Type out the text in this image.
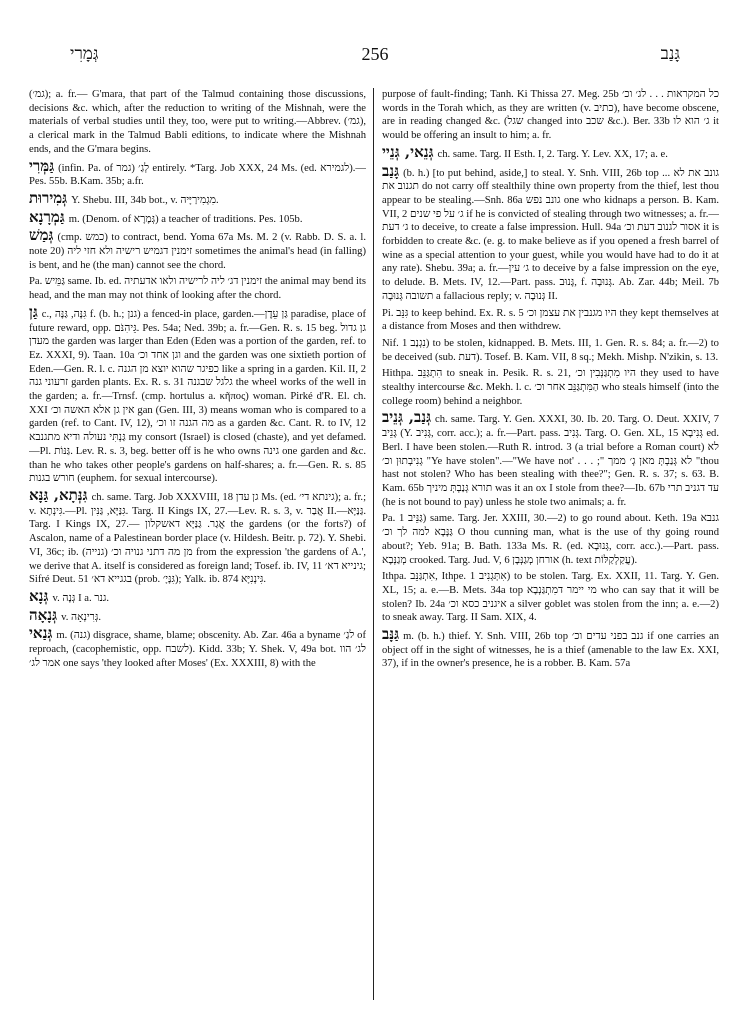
גְּמָרִי	256	גָּנַב

(גמ׳); a. fr.— G'mara, that part of the Talmud containing those discussions, decisions &c. which, after the reduction to writing of the Mishnah, were the materials of verbal studies until they, too, were put to writing.—Abbrev. (גמ׳), a clerical mark in the Talmud Babli editions, to indicate where the Mishnah ends, and the G'mara begins.

גַּמְּרִי (infin. Pa. of גמר) לְגַ׳ entirely. *Targ. Job XXX, 24 Ms. (ed. לגמירא).—Pes. 55b. B.Kam. 35b; a.fr.

גְּמִירוּת Y. Shebu. III, 34b bot., v. מִגְמִירַיָּיה.

גַּמְרָנָא m. (Denom. of גְּמָרָא) a teacher of traditions. Pes. 105b.

גְּמַשׁ (cmp. כמש) to contract, bend. Yoma 67a Ms. M. 2 (v. Rabb. D. S. a. l. note 20) זימנין דגמיש רישיה ולא חזי ליה sometimes the animal's head (in falling) is bent, and he (the man) cannot see the chord.

Pa. גַּמֵּיש same. Ib. ed. זימנין דג׳ ליה לרישיה ולאו אדעתיה the animal may bend its head, and the man may not think of looking after the chord.

גַּן c., גִּנָּה, גַּנָּה f. (b. h.; גנן) a fenced-in place, garden.—גַּן עֵדֶן paradise, place of future reward, opp. גֵּיהִנֹּם. Pes. 54a; Ned. 39b; a. fr.—Gen. R. s. 15 beg. גן גדול מעדן the garden was larger than Eden (Eden was a portion of the garden, ref. to Ez. XXXI, 9). Taan. 10a וגן אחד וכ׳ and the garden was one sixtieth portion of Eden.—Gen. R. l. c. כפיגר שהוא יוצא מן הגנה like a spring in a garden. Kil. II, 2 זרעוני גנה garden plants. Ex. R. s. 31 גלגל שבגנה the wheel works of the well in the garden; a. fr.—Trnsf. (cmp. hortulus a. κῆπος) woman. Pirké d'R. El. ch. XXI אין גן אלא האשה וכ׳ gan (Gen. III, 3) means woman who is compared to a garden (ref. to Cant. IV, 12), מה הגנה זו וכ׳ as a garden &c. Cant. R. to IV, 12 גַּנְתִּי נעולה ודיא מתגנבא my consort (Israel) is closed (chaste), and yet defamed.—Pl. גַּנּוֹת. Lev. R. s. 3, beg. better off is he who owns גינה one garden and &c. than he who takes other people's gardens on half-shares; a. fr.—Gen. R. s. 85 חורש בגנות (euphem. for sexual intercourse).

גִּנְּתָא, גַּנָּא ch. same. Targ. Job XXXVIII, 18 גן עדן Ms. (ed. גינתא די׳); a. fr.; v. גִּינְתָא.—Pl. גִּנַּיָּא, גַּנִּין. Targ. II Kings IX, 27.—Lev. R. s. 3, v. אֲבַר II.—גַּנַּיָּא. Targ. I Kings IX, 27.— אֲגַר. גַּנַּיָּא דאשקלון the gardens (or the forts?) of Ascalon, name of a Palestinean border place (v. Hildesh. Beitr. p. 72). Y. Shebi. VI, 36c; ib. מן מה דתני גנויה וכ׳ (גנייה) from the expression 'the gardens of A.', we derive that A. itself is considered as foreign land; Tosef. ib. IV, 11 גינייא דא׳; Sifré Deut. 51 בגגייא דא׳ (prob. גִּנָּיָ׳); Yalk. ib. 874 גִּינְנִיָּא.

גְּנָא v. גְּנָה I a. גנר.

גְּנָאָה v. גְּרִינְאָה.

גְּנַאי m. (גנה) disgrace, shame, blame; obscenity. Ab. Zar. 46a a byname לגַ׳ of reproach, (cacophemistic, opp. לשבח). Kidd. 33b; Y. Shek. V, 49a bot. לג׳ הוו אמר לג׳ one says 'they looked after Moses' (Ex. XXXIII, 8) with the

purpose of fault-finding; Tanh. Ki Thissa 27. Meg. 25b כל המקראות . . . לג׳ וכ׳ words in the Torah which, as they are written (v. כתיב), have become obscene, are in reading changed &c. (שגל changed into שכב &c.). Ber. 33b ג׳ הוא לו it would be offering an insult to him; a. fr.

גְּנֵאי, גְּנֵיי ch. same. Targ. II Esth. I, 2. Targ. Y. Lev. XX, 17; a. e.

גָּנַב (b. h.) [to put behind, aside,] to steal. Y. Snh. VIII, 26b top ... גונב את לא תגנוב את do not carry off stealthily thine own property from the thief, lest thou appear to be stealing.—Snh. 86a גונב נפש one who kidnaps a person. B. Kam. VII, 2 ג׳ על פי שנים if he is convicted of stealing through two witnesses; a. fr.—ג׳ דעת to deceive, to create a false impression. Hull. 94a אסור לגנוב דעת וכ׳ it is forbidden to create &c. (e. g. to make believe as if you opened a fresh barrel of wine as a special attention to your guest, while you would have had to do it at any rate). Shebu. 39a; a. fr.—ג׳ עין to deceive by a false impression on the eye, to delude. B. Mets. IV, 12.—Part. pass. גָּנוּב, f. גְּנוּבָה. Ab. Zar. 44b; Meil. 7b תשובה גְּנוּבָה a fallacious reply; v. גְּנוּבָה II.

Pi. גִּנֵּב to keep behind. Ex. R. s. 5 היו מגנבין את עצמן וכ׳ they kept themselves at a distance from Moses and then withdrew.

Nif. נִגְנַב 1) to be stolen, kidnapped. B. Mets. III, 1. Gen. R. s. 84; a. fr.—2) to be deceived (sub. דעת). Tosef. B. Kam. VII, 8 sq.; Mekh. Mishp. N'zikin, s. 13.

Hithpa. הִתְגַּנֵּב to sneak in. Pesik. R. s. 21, היו מִתְגַּנְּבִין וכ׳ they used to have stealthy intercourse &c. Mekh. l. c. הַמִּתְגַּנֵּב אחר וכ׳ who steals himself (into the college room) behind a neighbor.

גְּנַב, גְּנֵיב ch. same. Targ. Y. Gen. XXXI, 30. Ib. 20. Targ. O. Deut. XXIV, 7 גָּנֵיב (Y. גְּנִיב, corr. acc.); a. fr.—Part. pass. גְּנִיב. Targ. O. Gen. XL, 15 גְּנִיבָא ed. Berl. I have been stolen.—Ruth R. introd. 3 (a trial before a Roman court) לא גְנִיבְתוּן וכ׳ "Ye have stolen".—"We have not' . . . ;" לא גְּנַבְתְּ מאן גְ׳ ממך "thou hast not stolen? Who has been stealing with thee?"; Gen. R. s. 37; s. 63. B. Kam. 65b תורא גְּנַבְתְּ מיניך was it an ox I stole from thee?—Ib. 67b עד דגניב תרי (he is not bound to pay) unless he stole two animals; a. fr.

Pa. גַּנֵּיב 1) same. Targ. Jer. XXIII, 30.—2) to go round about. Keth. 19a גנבא גַּנָּבָא למה לך וכ׳ O thou cunning man, what is the use of thy going round about?; Yeb. 91a; B. Bath. 133a Ms. R. (ed. גְּנוּבָא, corr. acc.).—Part. pass. מְגַנְּבָא crooked. Targ. Jud. V, 6 אורחן מְגַנְּבָן (h. text עֲקַלְקַלּוֹת).

Ithpa. אִתְגַּנֵּב, Ithpe. אִתְּגְנִיב 1) to be stolen. Targ. Ex. XXII, 11. Targ. Y. Gen. XL, 15; a. e.—B. Mets. 34a top מי יימר דמִתְגַּנְבָא who can say that it will be stolen? Ib. 24a איגניב כסא וכ׳ a silver goblet was stolen from the inn; a. e.—2) to sneak away. Targ. II Sam. XIX, 4.

גַּנָּב m. (b. h.) thief. Y. Snh. VIII, 26b top גנב בפני עדים וכ׳ if one carries an object off in the sight of witnesses, he is a thief (amenable to the law Ex. XXI, 37), if in the owner's presence, he is a robber. B. Kam. 57a
